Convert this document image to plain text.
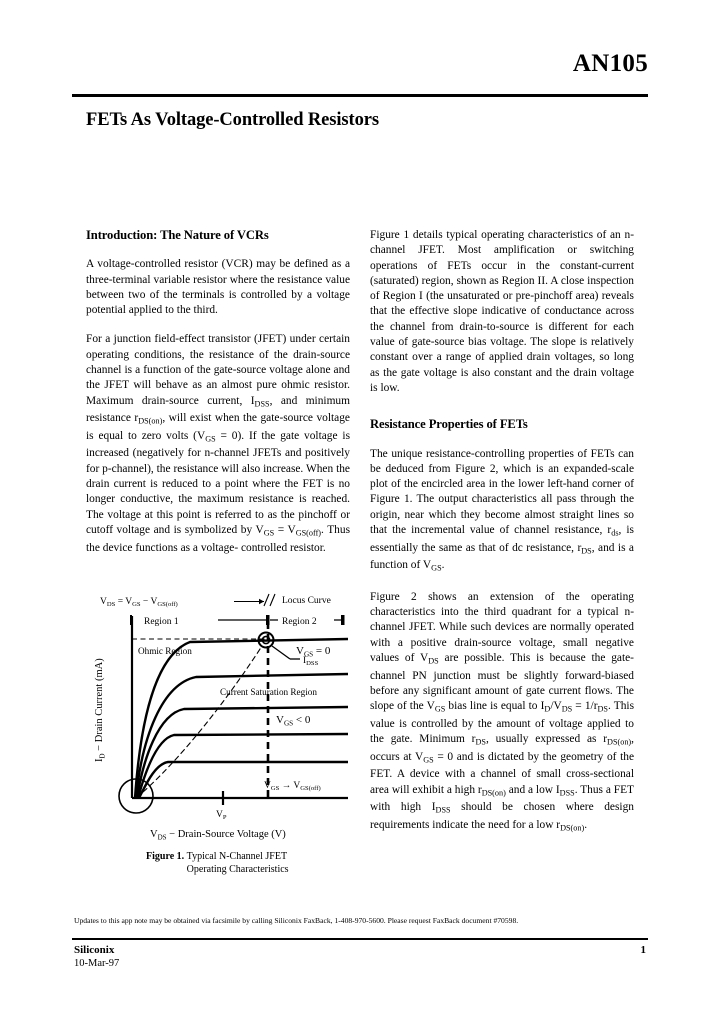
AN105
FETs As Voltage-Controlled Resistors
Introduction: The Nature of VCRs

A voltage-controlled resistor (VCR) may be defined as a three-terminal variable resistor where the resistance value between two of the terminals is controlled by a voltage potential applied to the third.

For a junction field-effect transistor (JFET) under certain operating conditions, the resistance of the drain-source channel is a function of the gate-source voltage alone and the JFET will behave as an almost pure ohmic resistor. Maximum drain-source current, $I_{DSS}$, and minimum resistance $r_{DS(on)}$, will exist when the gate-source voltage is equal to zero volts $(V_{GS} = 0)$. If the gate voltage is increased (negatively for n-channel JFETs and positively for p-channel), the resistance will also increase. When the drain current is reduced to a point where the FET is no longer conductive, the maximum resistance is reached. The voltage at this point is referred to as the pinchoff or cutoff voltage and is symbolized by $V_{GS} = V_{GS(off)}$. Thus the device functions as a voltage- controlled resistor.

Figure 1 details typical operating characteristics of an n-channel JFET. Most amplification or switching operations of FETs occur in the constant-current (saturated) region, shown as Region II. A close inspection of Region I (the unsaturated or pre-pinchoff area) reveals that the effective slope indicative of conductance across the channel from drain-to-source is different for each value of gate-source bias voltage. The slope is relatively constant over a range of applied drain voltages, so long as the gate voltage is also constant and the drain voltage is low.

Resistance Properties of FETs

The unique resistance-controlling properties of FETs can be deduced from Figure 2, which is an expanded-scale plot of the encircled area in the lower left-hand corner of Figure 1. The output characteristics all pass through the origin, near which they become almost straight lines so that the incremental value of channel resistance, $r_{ds}$, is essentially the same as that of dc resistance, $r_{DS}$, and is a function of $V_{GS}$.

Figure 2 shows an extension of the operating characteristics into the third quadrant for a typical n-channel JFET. While such devices are normally operated with a positive drain-source voltage, small negative values of $V_{DS}$ are possible. This is because the gate-channel PN junction must be slightly forward-biased before any significant amount of gate current flows. The slope of the $V_{GS}$ bias line is equal to $I_D/V_{DS} = 1/r_{DS}$. This value is controlled by the amount of voltage applied to the gate. Minimum $r_{DS}$, usually expressed as $r_{DS(on)}$, occurs at $V_{GS} = 0$ and is dictated by the geometry of the FET. A device with a channel of small cross-sectional area will exhibit a high $r_{DS(on)}$ and a low $I_{DSS}$. Thus a FET with high $I_{DSS}$ should be chosen where design requirements indicate the need for a low $r_{DS(on)}$.

$V_{DS} = V_{GS} - V_{GS(off)}$	Locus Curve
Region 1	Region 2
$I_{DSS}$
Ohmic Region	$V_{GS} = 0$
Current Saturation Region
$V_{GS} < 0$
$V_{GS} \to V_{GS(off)}$
$V_P$
$I_D$ − Drain Current (mA)
$V_{DS}$ − Drain-Source Voltage (V)
Figure 1. Typical N-Channel JFET
Operating Characteristics
Updates to this app note may be obtained via facsimile by calling Siliconix FaxBack, 1-408-970-5600. Please request FaxBack document #70598.
Siliconix
10-Mar-97
1
